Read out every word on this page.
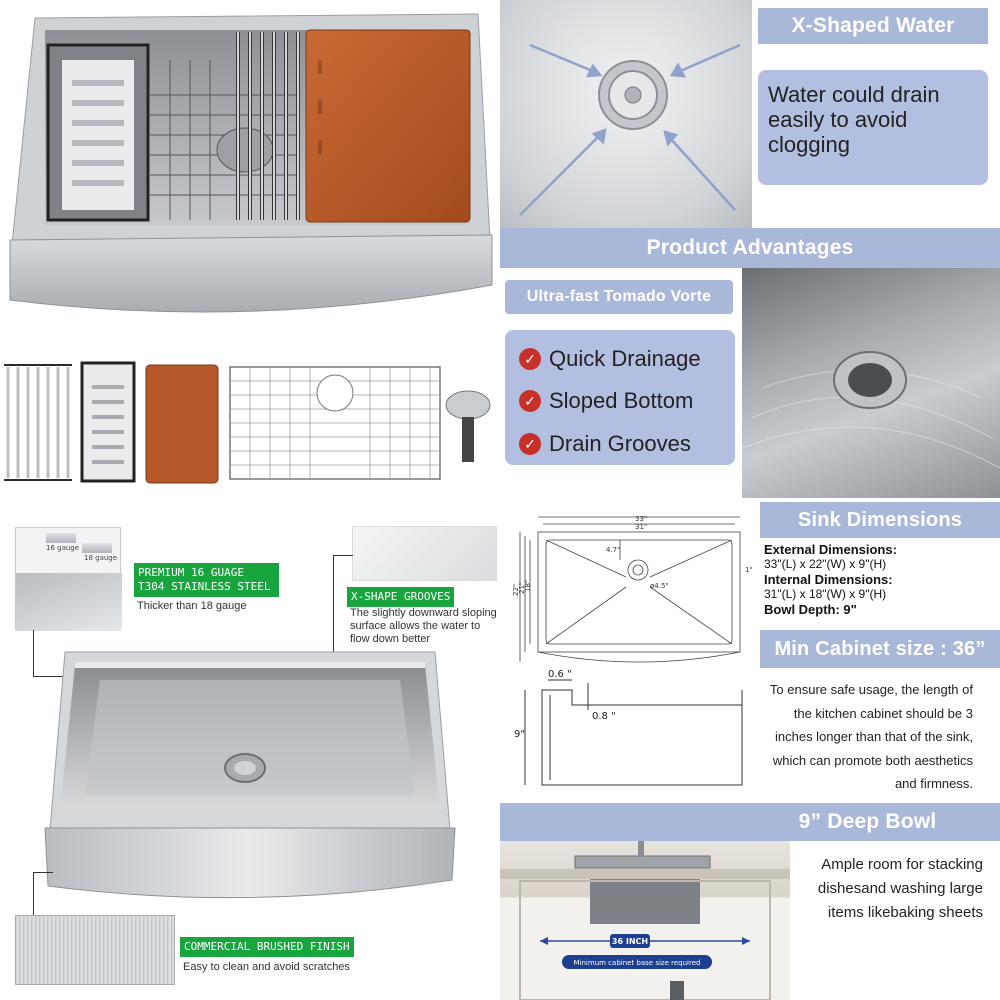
X-Shaped Water
Water could drain easily to avoid clogging
Product Advantages
Ultra-fast Tomado Vorte
✓ Quick Drainage
✓ Sloped Bottom
✓ Drain Grooves
16 gauge
18 gauge
PREMIUM 16 GUAGE T304 STAINLESS STEEL
Thicker than 18 gauge
X-SHAPE GROOVES
The slightly downward sloping surface allows the water to flow down better
COMMERCIAL BRUSHED FINISH
Easy to clean and avoid scratches
33"
31"
22"
21"
18"
4.7"
ø4.5"
1"
Sink Dimensions
External Dimensions:
33"(L) x 22"(W) x 9"(H)
Internal Dimensions:
31"(L) x 18"(W) x 9"(H)
Bowl Depth: 9"
0.6 "
0.8 "
9"
Min Cabinet size : 36”
To ensure safe usage, the length of the kitchen cabinet should be 3 inches longer than that of the sink, which can promote both aesthetics and firmness.
9” Deep Bowl
36 INCH
Minimum cabinet base size required
Ample room for stacking dishesand washing large items likebaking sheets
